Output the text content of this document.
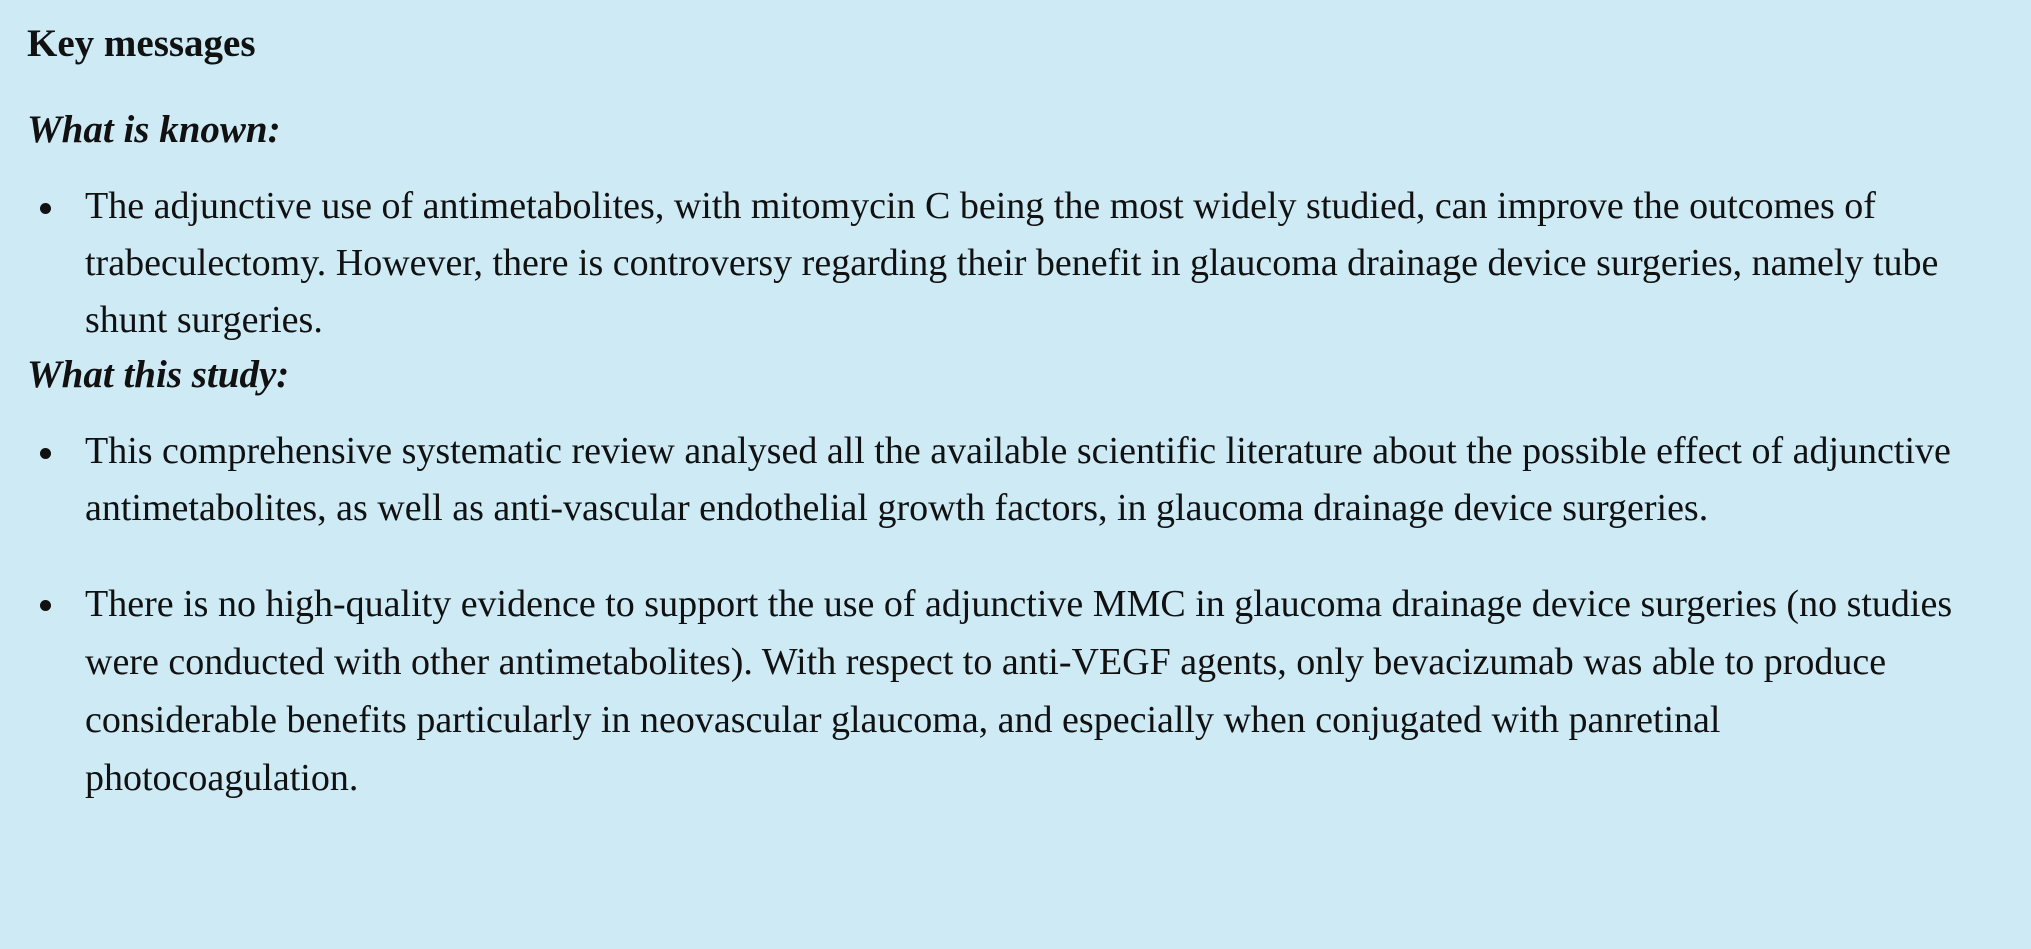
Key messages
What is known:
The adjunctive use of antimetabolites, with mitomycin C being the most widely studied, can improve the outcomes of trabeculectomy. However, there is controversy regarding their benefit in glaucoma drainage device surgeries, namely tube shunt surgeries.
What this study:
This comprehensive systematic review analysed all the available scientific literature about the possible effect of adjunctive antimetabolites, as well as anti-vascular endothelial growth factors, in glaucoma drainage device surgeries.
There is no high-quality evidence to support the use of adjunctive MMC in glaucoma drainage device surgeries (no studies were conducted with other antimetabolites). With respect to anti-VEGF agents, only bevacizumab was able to produce considerable benefits particularly in neovascular glaucoma, and especially when conjugated with panretinal photocoagulation.
